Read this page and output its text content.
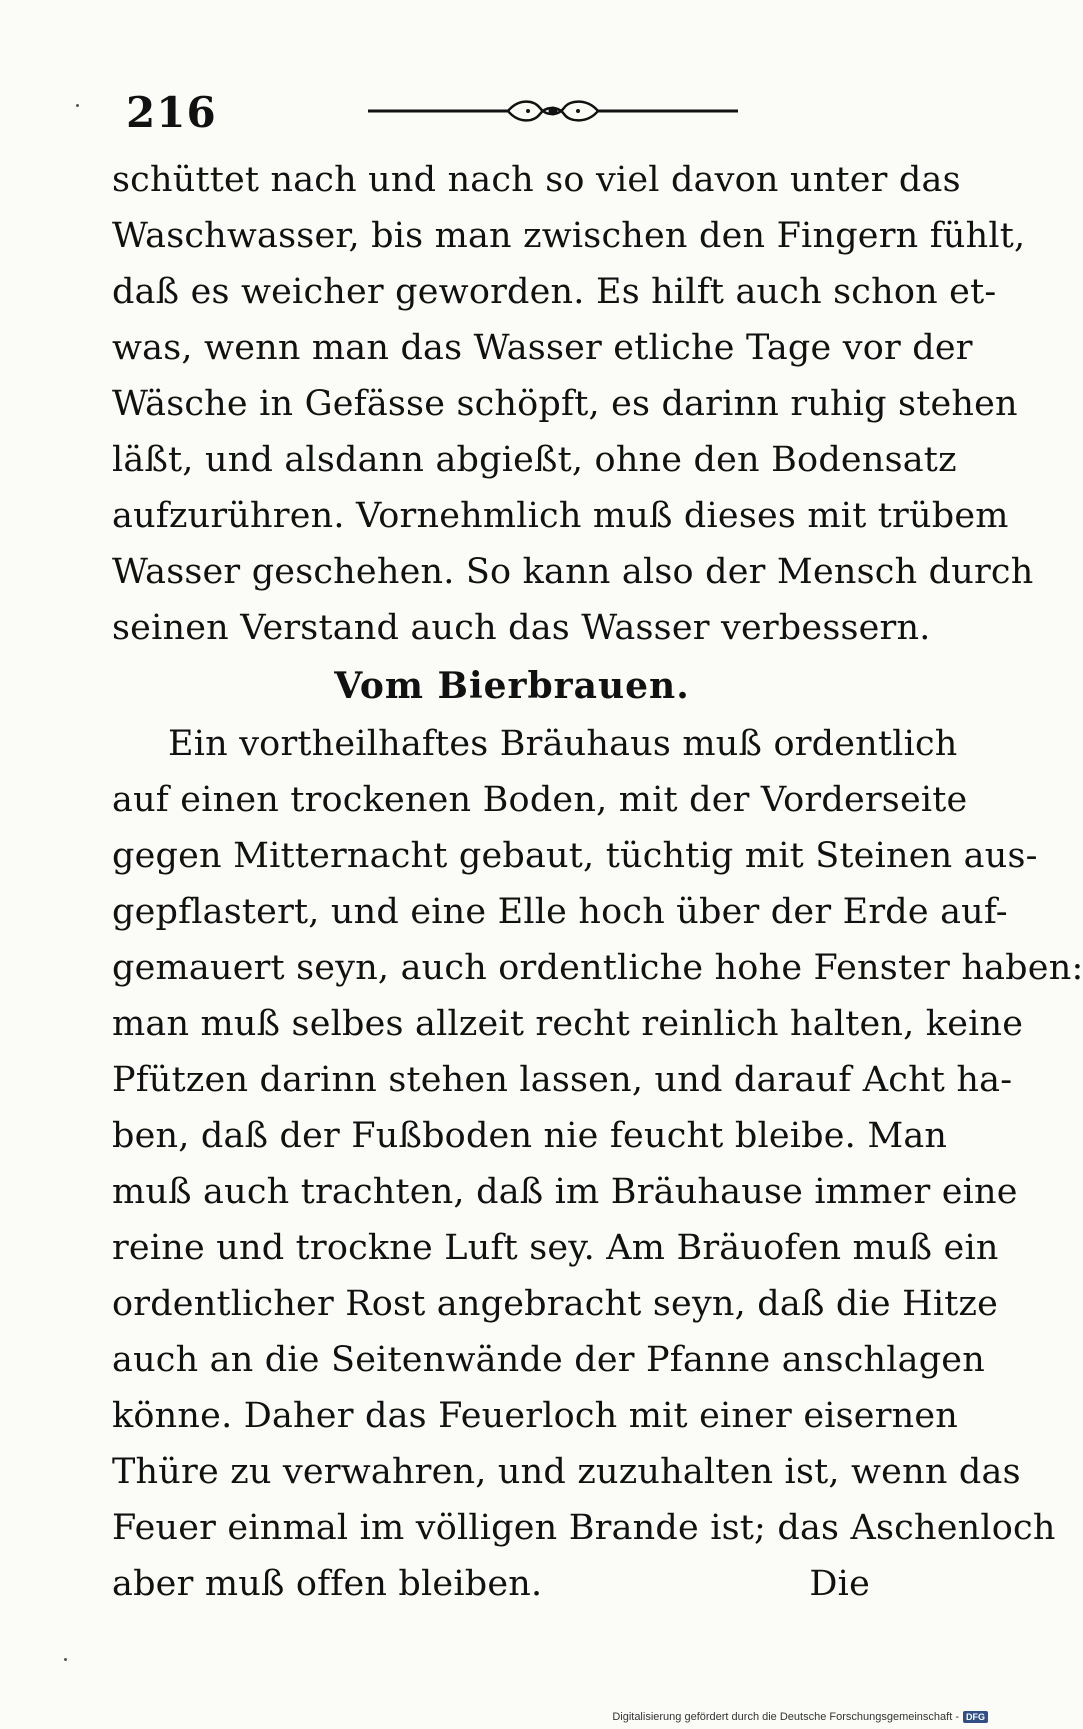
216
schüttet nach und nach so viel davon unter das
Waschwasser, bis man zwischen den Fingern fühlt,
daß es weicher geworden. Es hilft auch schon et-
was, wenn man das Wasser etliche Tage vor der
Wäsche in Gefässe schöpft, es darinn ruhig stehen
läßt, und alsdann abgießt, ohne den Bodensatz
aufzurühren. Vornehmlich muß dieses mit trübem
Wasser geschehen. So kann also der Mensch durch
seinen Verstand auch das Wasser verbessern.
Vom Bierbrauen.
Ein vortheilhaftes Bräuhaus muß ordentlich
auf einen trockenen Boden, mit der Vorderseite
gegen Mitternacht gebaut, tüchtig mit Steinen aus-
gepflastert, und eine Elle hoch über der Erde auf-
gemauert seyn, auch ordentliche hohe Fenster haben:
man muß selbes allzeit recht reinlich halten, keine
Pfützen darinn stehen lassen, und darauf Acht ha-
ben, daß der Fußboden nie feucht bleibe. Man
muß auch trachten, daß im Bräuhause immer eine
reine und trockne Luft sey. Am Bräuofen muß ein
ordentlicher Rost angebracht seyn, daß die Hitze
auch an die Seitenwände der Pfanne anschlagen
könne. Daher das Feuerloch mit einer eisernen
Thüre zu verwahren, und zuzuhalten ist, wenn das
Feuer einmal im völligen Brande ist; das Aschenloch
aber muß offen bleiben.	Die
Digitalisierung gefördert durch die Deutsche Forschungsgemeinschaft - DFG
